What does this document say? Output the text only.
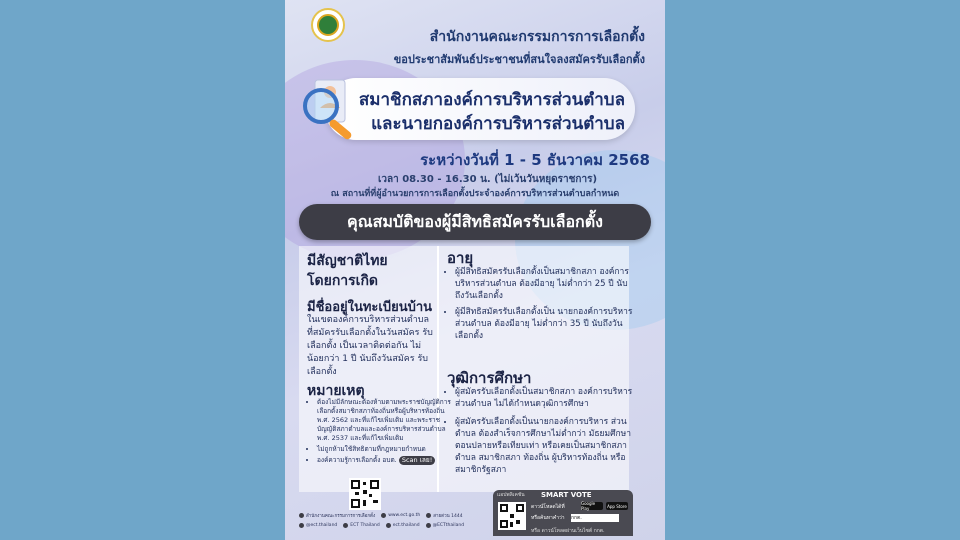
สำนักงานคณะกรรมการการเลือกตั้ง
ขอประชาสัมพันธ์ประชาชนที่สนใจลงสมัครรับเลือกตั้ง
สมาชิกสภาองค์การบริหารส่วนตำบล
และนายกองค์การบริหารส่วนตำบล
ระหว่างวันที่ 1 - 5 ธันวาคม 2568
เวลา 08.30 - 16.30 น. (ไม่เว้นวันหยุดราชการ)
ณ สถานที่ที่ผู้อำนวยการการเลือกตั้งประจำองค์การบริหารส่วนตำบลกำหนด
คุณสมบัติของผู้มีสิทธิสมัครรับเลือกตั้ง
มีสัญชาติไทย
โดยการเกิด
มีชื่ออยู่ในทะเบียนบ้าน
ในเขตองค์การบริหารส่วนตำบล ที่สมัครรับเลือกตั้งในวันสมัคร รับเลือกตั้ง เป็นเวลาติดต่อกัน ไม่น้อยกว่า 1 ปี นับถึงวันสมัคร รับเลือกตั้ง
หมายเหตุ
• ต้องไม่มีลักษณะต้องห้ามตามพระราชบัญญัติการเลือกตั้งสมาชิกสภาท้องถิ่นหรือผู้บริหารท้องถิ่น พ.ศ. 2562 และที่แก้ไขเพิ่มเติม และพระราชบัญญัติสภาตำบลและองค์การบริหารส่วนตำบล พ.ศ. 2537 และที่แก้ไขเพิ่มเติม
• ไม่ถูกห้ามใช้สิทธิตามที่กฎหมายกำหนด
• องค์ความรู้การเลือกตั้ง อบต. Scan เลย!
อายุ
• ผู้มีสิทธิสมัครรับเลือกตั้งเป็นสมาชิกสภา องค์การบริหารส่วนตำบล ต้องมีอายุ ไม่ต่ำกว่า 25 ปี นับถึงวันเลือกตั้ง
• ผู้มีสิทธิสมัครรับเลือกตั้งเป็น นายกองค์การบริหารส่วนตำบล ต้องมีอายุ ไม่ต่ำกว่า 35 ปี นับถึงวันเลือกตั้ง
วุฒิการศึกษา
• ผู้สมัครรับเลือกตั้งเป็นสมาชิกสภา องค์การบริหารส่วนตำบล ไม่ได้กำหนดวุฒิการศึกษา
• ผู้สมัครรับเลือกตั้งเป็นนายกองค์การบริหาร ส่วนตำบล ต้องสำเร็จการศึกษาไม่ต่ำกว่า มัธยมศึกษาตอนปลายหรือเทียบเท่า หรือเคยเป็นสมาชิกสภาตำบล สมาชิกสภา ท้องถิ่น ผู้บริหารท้องถิ่น หรือสมาชิกรัฐสภา
แอปพลิเคชัน SMART VOTE
ดาวน์โหลดได้ที่
Google Play	App Store
หรือค้นหาคำว่า กกต.
หรือ ดาวน์โหลดผ่านเว็บไซต์ กกต.
สำนักงานคณะกรรมการการเลือกตั้ง	www.ect.go.th	สายด่วน 1444
@ect.thailand	ECT Thailand	ect.thailand	@ECTthailand
